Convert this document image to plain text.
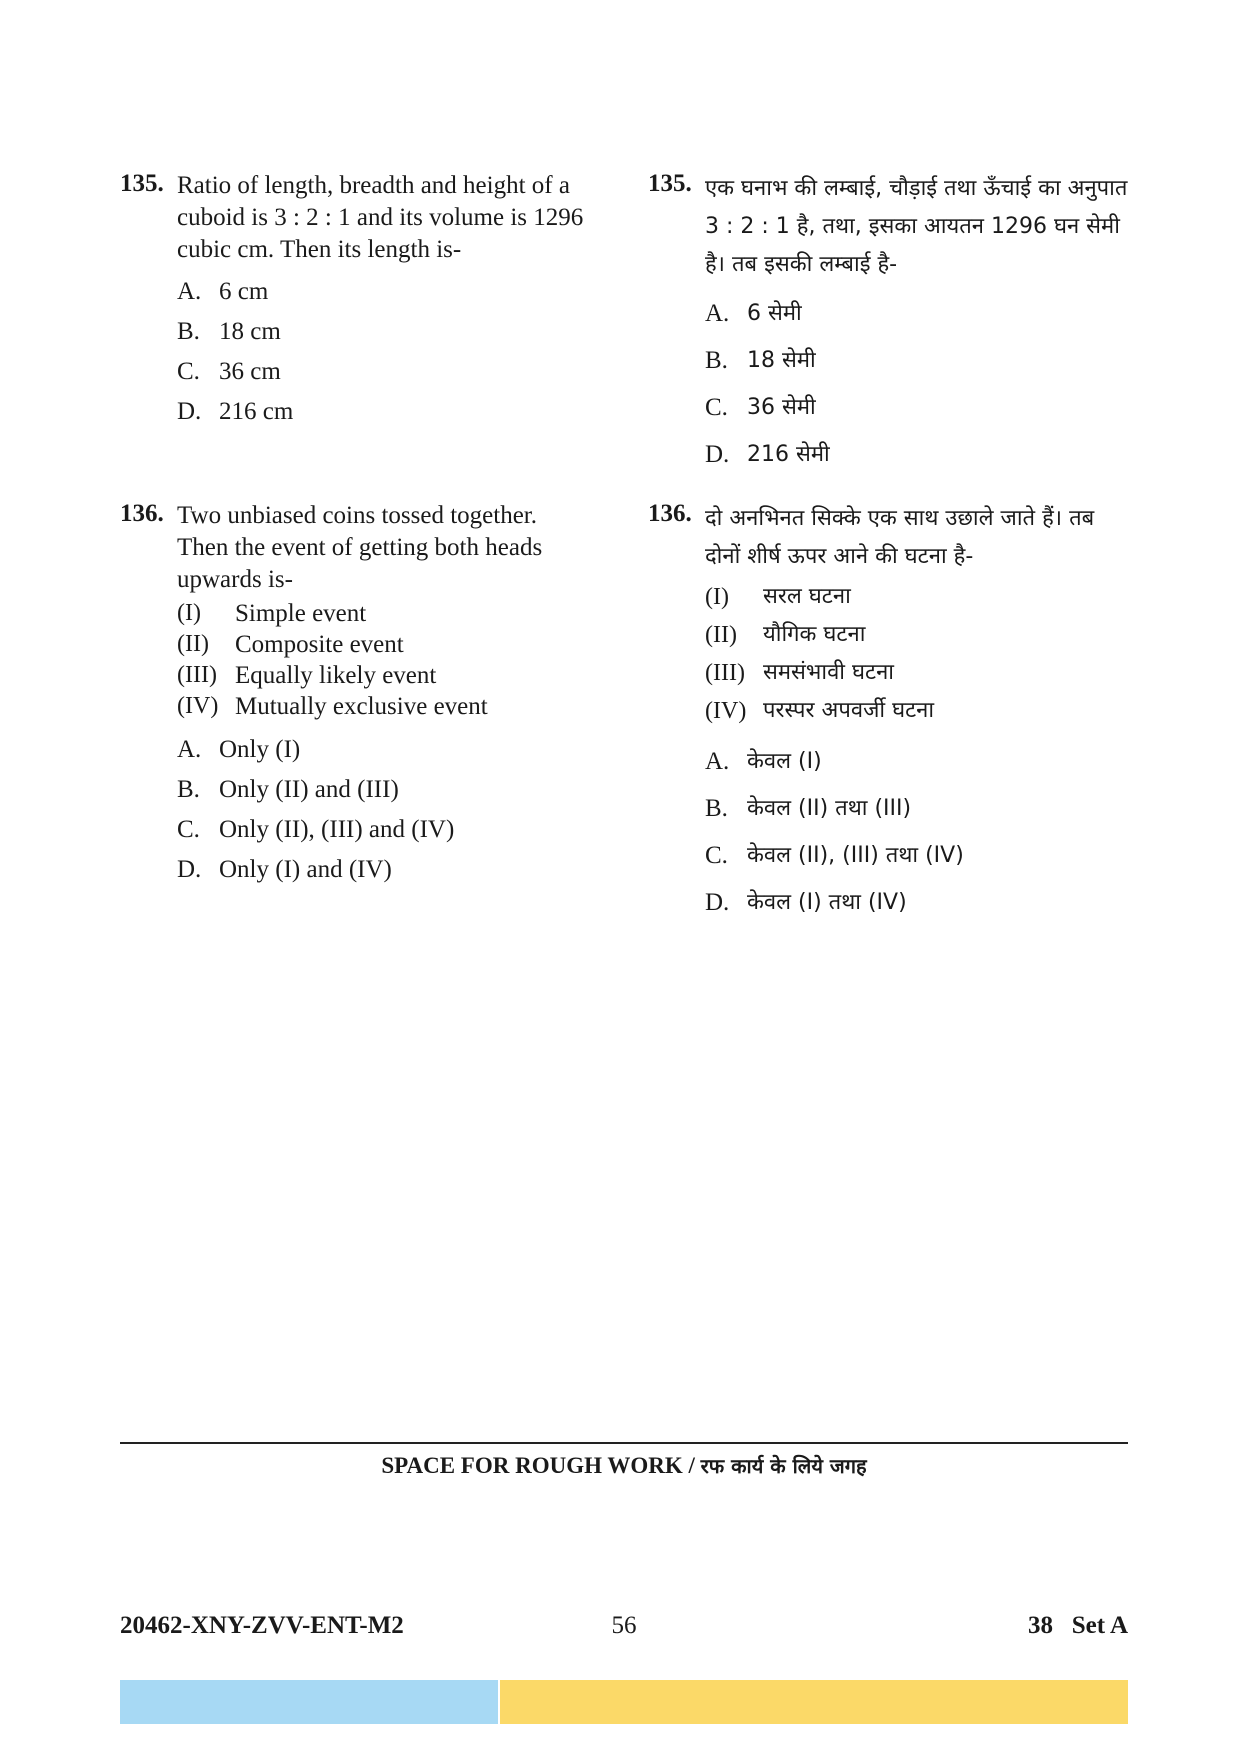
135. Ratio of length, breadth and height of a cuboid is 3 : 2 : 1 and its volume is 1296 cubic cm. Then its length is-
A. 6 cm
B. 18 cm
C. 36 cm
D. 216 cm
136. Two unbiased coins tossed together. Then the event of getting both heads upwards is-
(I)	Simple event
(II)	Composite event
(III) Equally likely event
(IV) Mutually exclusive event
A. Only (I)
B. Only (II) and (III)
C. Only (II), (III) and (IV)
D. Only (I) and (IV)
135. एक घनाभ की लम्बाई, चौड़ाई तथा ऊँचाई का अनुपात 3 : 2 : 1 है, तथा, इसका आयतन 1296 घन सेमी है। तब इसकी लम्बाई है-
A. 6 सेमी
B. 18 सेमी
C. 36 सेमी
D. 216 सेमी
136. दो अनभिनत सिक्के एक साथ उछाले जाते हैं। तब दोनों शीर्ष ऊपर आने की घटना है-
(I)	सरल घटना
(II)	यौगिक घटना
(III) समसंभावी घटना
(IV) परस्पर अपवर्जी घटना
A. केवल (I)
B. केवल (II) तथा (III)
C. केवल (II), (III) तथा (IV)
D. केवल (I) तथा (IV)
SPACE FOR ROUGH WORK / रफ कार्य के लिये जगह
20462-XNY-ZVV-ENT-M2	56	38   Set A
